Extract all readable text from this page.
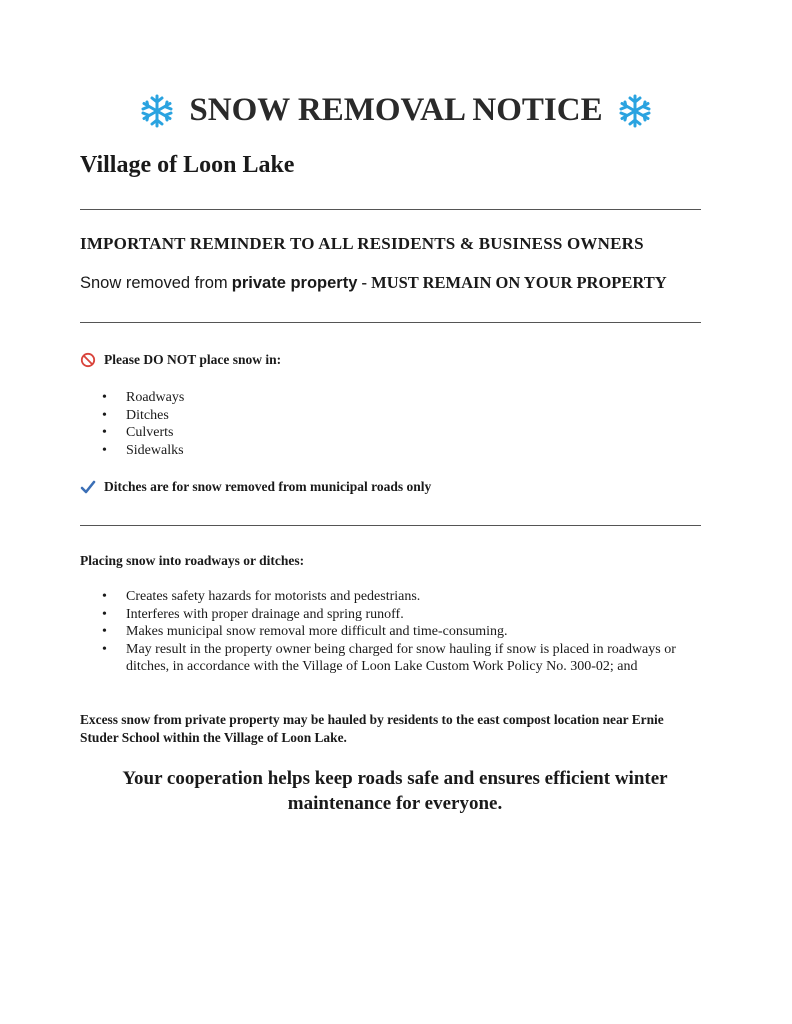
SNOW REMOVAL NOTICE
Village of Loon Lake
IMPORTANT REMINDER TO ALL RESIDENTS & BUSINESS OWNERS
Snow removed from private property - MUST REMAIN ON YOUR PROPERTY
Please DO NOT place snow in:
• Roadways
• Ditches
• Culverts
• Sidewalks
Ditches are for snow removed from municipal roads only
Placing snow into roadways or ditches:
• Creates safety hazards for motorists and pedestrians.
• Interferes with proper drainage and spring runoff.
• Makes municipal snow removal more difficult and time-consuming.
• May result in the property owner being charged for snow hauling if snow is placed in roadways or ditches, in accordance with the Village of Loon Lake Custom Work Policy No. 300-02; and
Excess snow from private property may be hauled by residents to the east compost location near Ernie Studer School within the Village of Loon Lake.
Your cooperation helps keep roads safe and ensures efficient winter maintenance for everyone.
